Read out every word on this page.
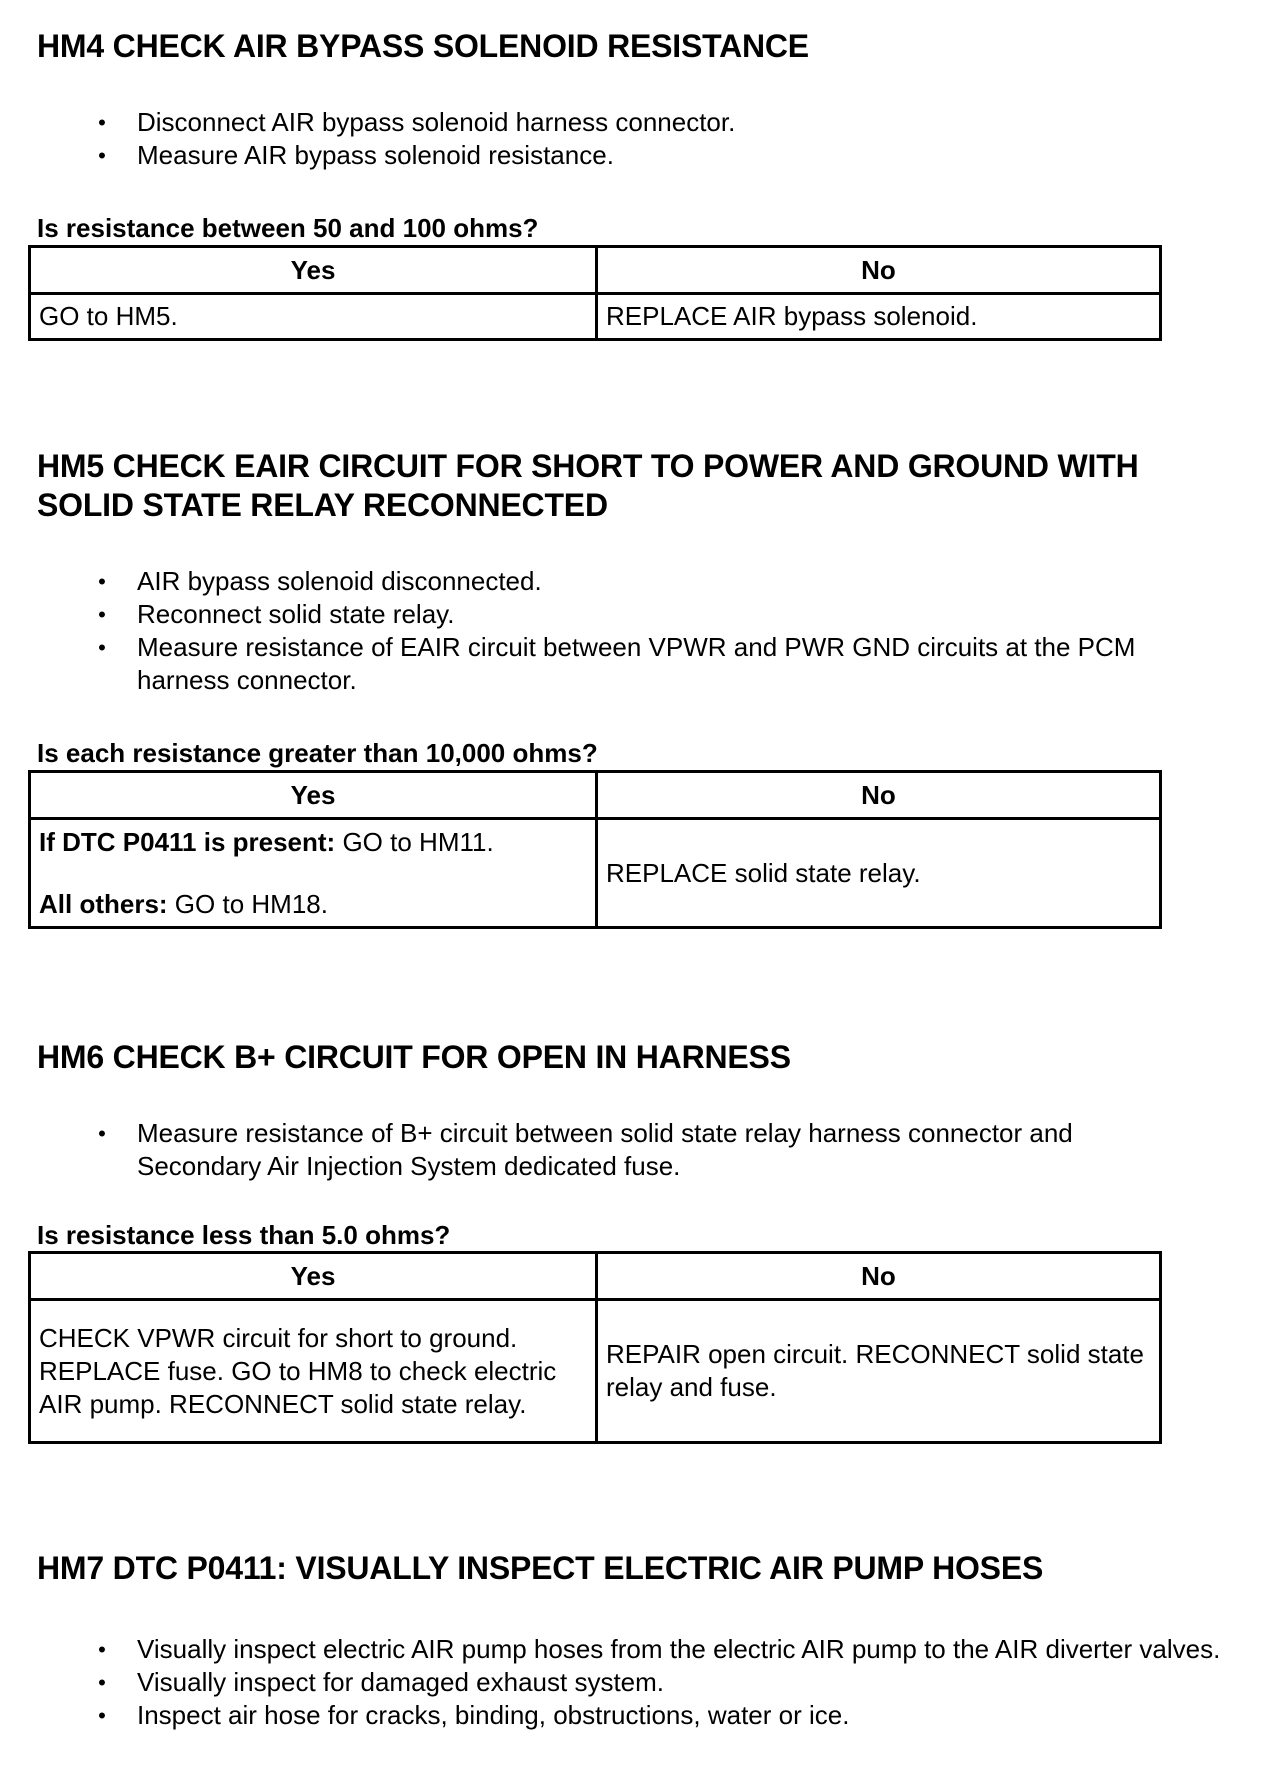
HM4 CHECK AIR BYPASS SOLENOID RESISTANCE
• Disconnect AIR bypass solenoid harness connector.
• Measure AIR bypass solenoid resistance.
Is resistance between 50 and 100 ohms?
Yes	No
GO to HM5.	REPLACE AIR bypass solenoid.
HM5 CHECK EAIR CIRCUIT FOR SHORT TO POWER AND GROUND WITH
SOLID STATE RELAY RECONNECTED
• AIR bypass solenoid disconnected.
• Reconnect solid state relay.
• Measure resistance of EAIR circuit between VPWR and PWR GND circuits at the PCM harness connector.
Is each resistance greater than 10,000 ohms?
Yes	No

If DTC P0411 is present: GO to HM11.
All others: GO to HM18.	REPLACE solid state relay.
HM6 CHECK B+ CIRCUIT FOR OPEN IN HARNESS
• Measure resistance of B+ circuit between solid state relay harness connector and Secondary Air Injection System dedicated fuse.
Is resistance less than 5.0 ohms?
Yes	No
CHECK VPWR circuit for short to ground. REPLACE fuse. GO to HM8 to check electric AIR pump. RECONNECT solid state relay.	REPAIR open circuit. RECONNECT solid state relay and fuse.
HM7 DTC P0411: VISUALLY INSPECT ELECTRIC AIR PUMP HOSES
• Visually inspect electric AIR pump hoses from the electric AIR pump to the AIR diverter valves.
• Visually inspect for damaged exhaust system.
• Inspect air hose for cracks, binding, obstructions, water or ice.
